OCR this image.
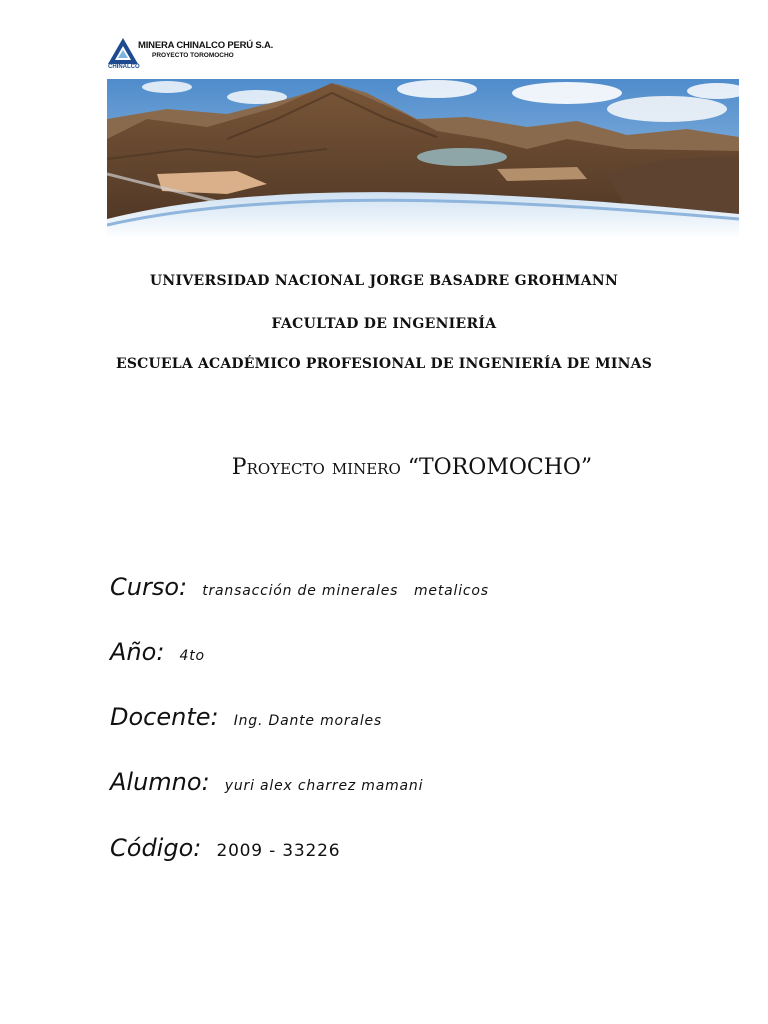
MINERA CHINALCO PERÚ S.A.
PROYECTO TOROMOCHO
CHINALCO
UNIVERSIDAD NACIONAL JORGE BASADRE GROHMANN
FACULTAD DE INGENIERÍA
ESCUELA ACADÉMICO PROFESIONAL DE INGENIERÍA DE MINAS
Proyecto minero “TOROMOCHO”
Curso: transacción de minerales   metalicos
Año: 4to
Docente: Ing. Dante morales
Alumno: yuri alex charrez mamani
Código: 2009 - 33226
